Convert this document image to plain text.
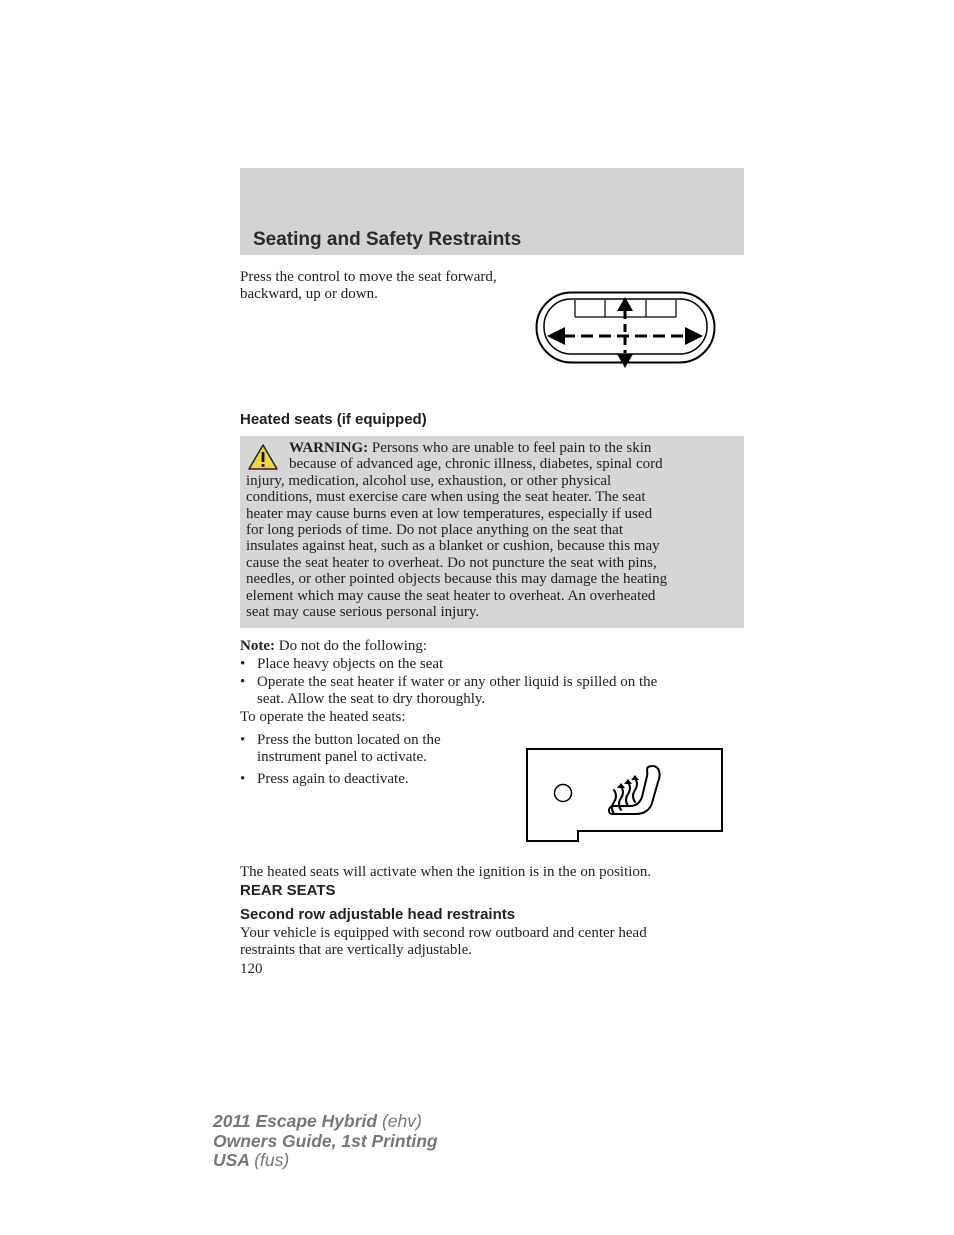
Seating and Safety Restraints
Press the control to move the seat forward, backward, up or down.
Heated seats (if equipped)
WARNING: Persons who are unable to feel pain to the skin
because of advanced age, chronic illness, diabetes, spinal cord
injury, medication, alcohol use, exhaustion, or other physical
conditions, must exercise care when using the seat heater. The seat
heater may cause burns even at low temperatures, especially if used
for long periods of time. Do not place anything on the seat that
insulates against heat, such as a blanket or cushion, because this may
cause the seat heater to overheat. Do not puncture the seat with pins,
needles, or other pointed objects because this may damage the heating
element which may cause the seat heater to overheat. An overheated
seat may cause serious personal injury.
Note: Do not do the following:
• Place heavy objects on the seat
• Operate the seat heater if water or any other liquid is spilled on the
seat. Allow the seat to dry thoroughly.
To operate the heated seats:
• Press the button located on the
instrument panel to activate.
• Press again to deactivate.
The heated seats will activate when the ignition is in the on position.
REAR SEATS
Second row adjustable head restraints
Your vehicle is equipped with second row outboard and center head
restraints that are vertically adjustable.
120
2011 Escape Hybrid (ehv)
Owners Guide, 1st Printing
USA (fus)
